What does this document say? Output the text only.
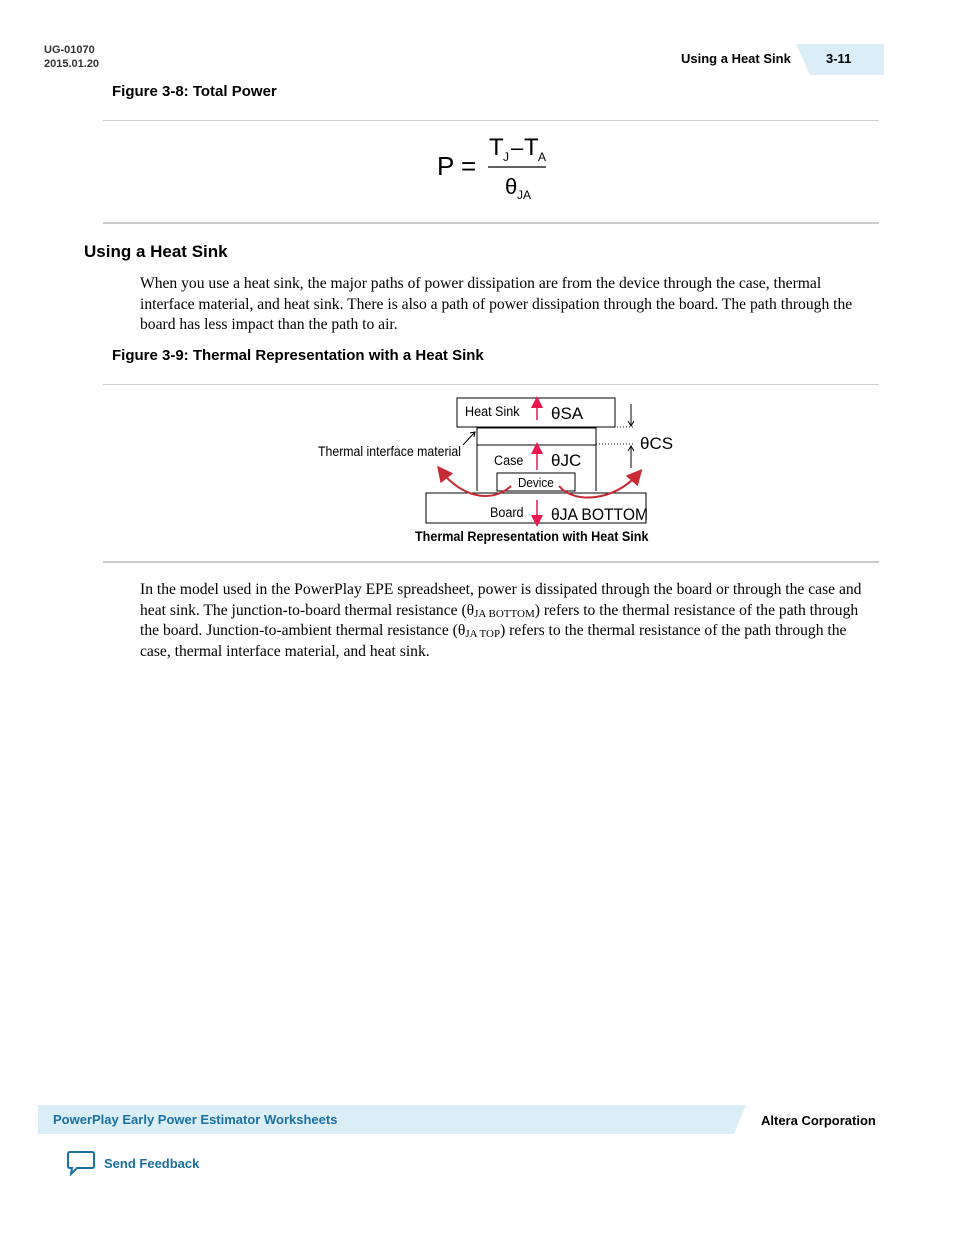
UG-01070
2015.01.20	Using a Heat Sink	3-11
Figure 3-8: Total Power
P =
T J – T A
θ JA
Using a Heat Sink
When you use a heat sink, the major paths of power dissipation are from the device through the case, thermal interface material, and heat sink. There is also a path of power dissipation through the board. The path through the board has less impact than the path to air.
Figure 3-9: Thermal Representation with a Heat Sink
Heat Sink θSA
Case θJC
Device
Board θJA BOTTOM
θCS
Thermal interface material
Thermal Representation with Heat Sink
In the model used in the PowerPlay EPE spreadsheet, power is dissipated through the board or through the case and heat sink. The junction-to-board thermal resistance $(\theta_{JA BOTTOM})$ refers to the thermal resistance of the path through the board. Junction-to-ambient thermal resistance $(\theta_{JA TOP})$ refers to the thermal resistance of the path through the case, thermal interface material, and heat sink.
PowerPlay Early Power Estimator Worksheets	Altera Corporation
Send Feedback
